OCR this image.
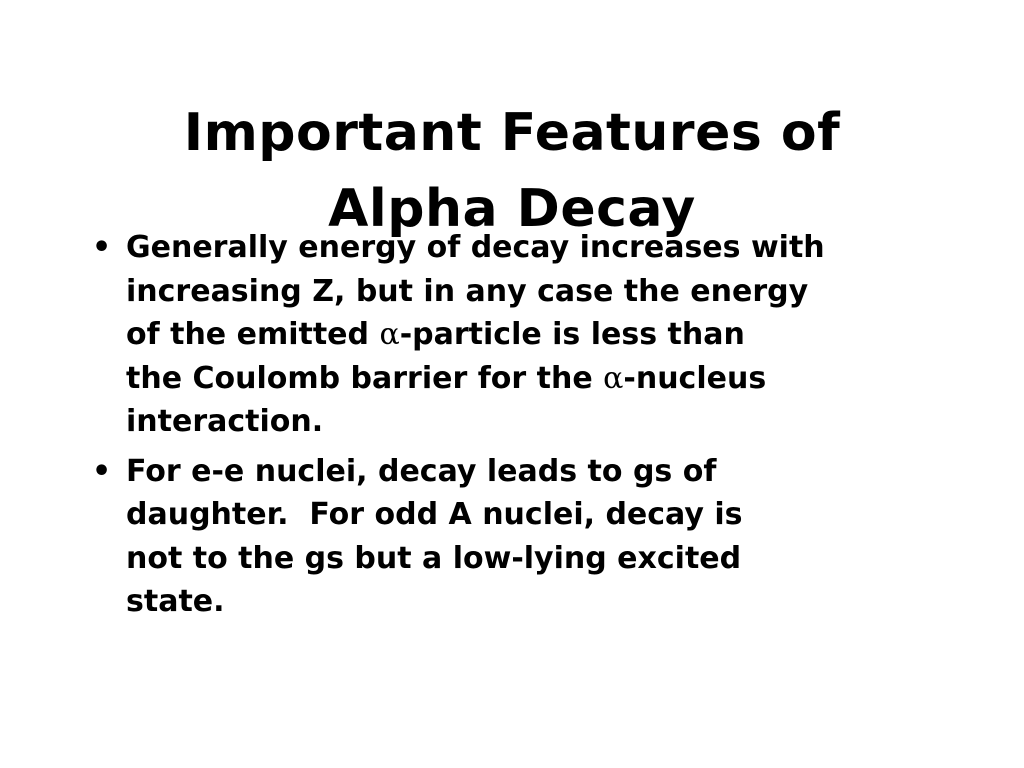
Important Features of
Alpha Decay
• Generally energy of decay increases with
increasing Z, but in any case the energy
of the emitted α-particle is less than
the Coulomb barrier for the α-nucleus
interaction.
• For e-e nuclei, decay leads to gs of
daughter.  For odd A nuclei, decay is
not to the gs but a low-lying excited
state.
